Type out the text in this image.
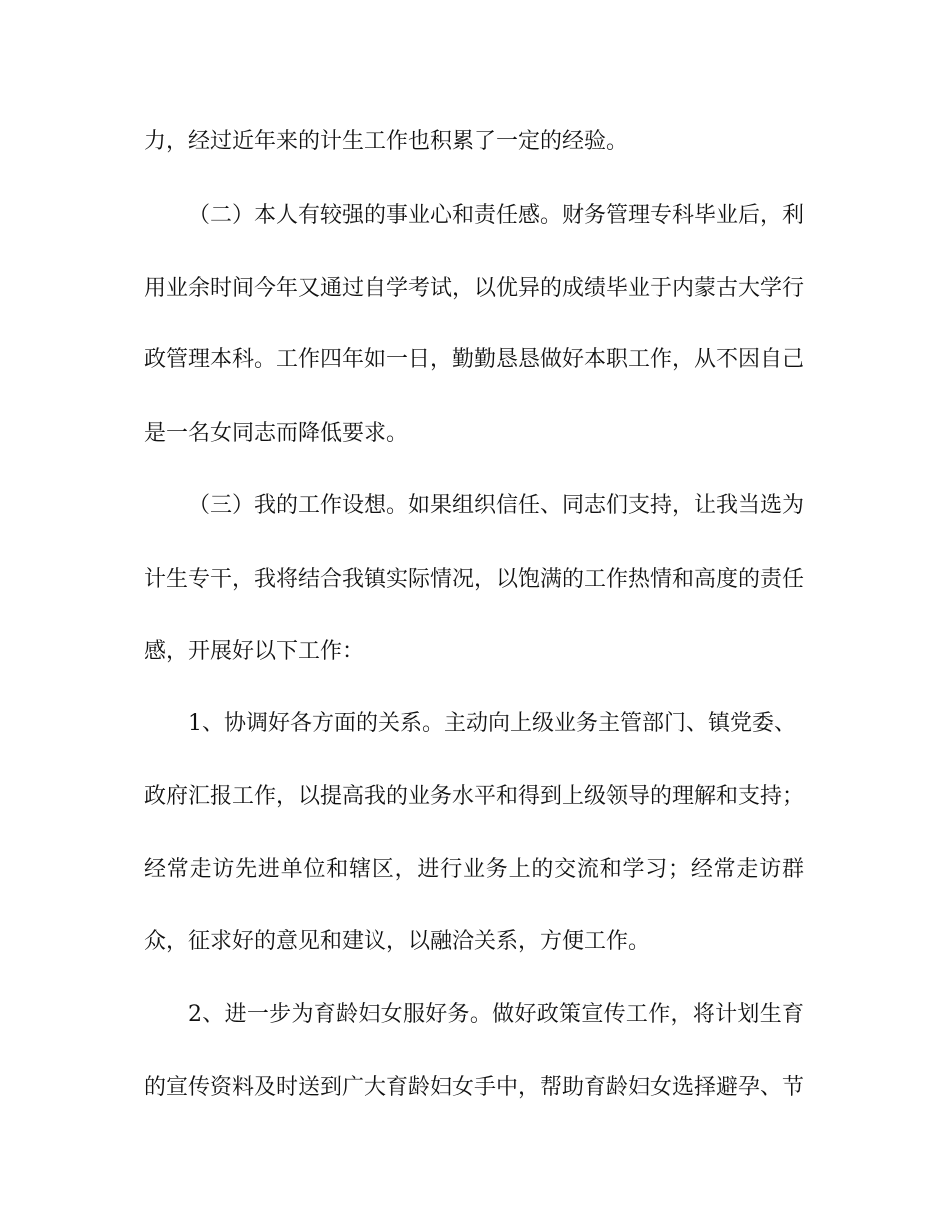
力，经过近年来的计生工作也积累了一定的经验。
（二）本人有较强的事业心和责任感。财务管理专科毕业后，利
用业余时间今年又通过自学考试，以优异的成绩毕业于内蒙古大学行
政管理本科。工作四年如一日，勤勤恳恳做好本职工作，从不因自己
是一名女同志而降低要求。
（三）我的工作设想。如果组织信任、同志们支持，让我当选为
计生专干，我将结合我镇实际情况，以饱满的工作热情和高度的责任
感，开展好以下工作：
1、协调好各方面的关系。主动向上级业务主管部门、镇党委、
政府汇报工作，以提高我的业务水平和得到上级领导的理解和支持；
经常走访先进单位和辖区，进行业务上的交流和学习；经常走访群
众，征求好的意见和建议，以融洽关系，方便工作。
2、进一步为育龄妇女服好务。做好政策宣传工作，将计划生育
的宣传资料及时送到广大育龄妇女手中，帮助育龄妇女选择避孕、节
